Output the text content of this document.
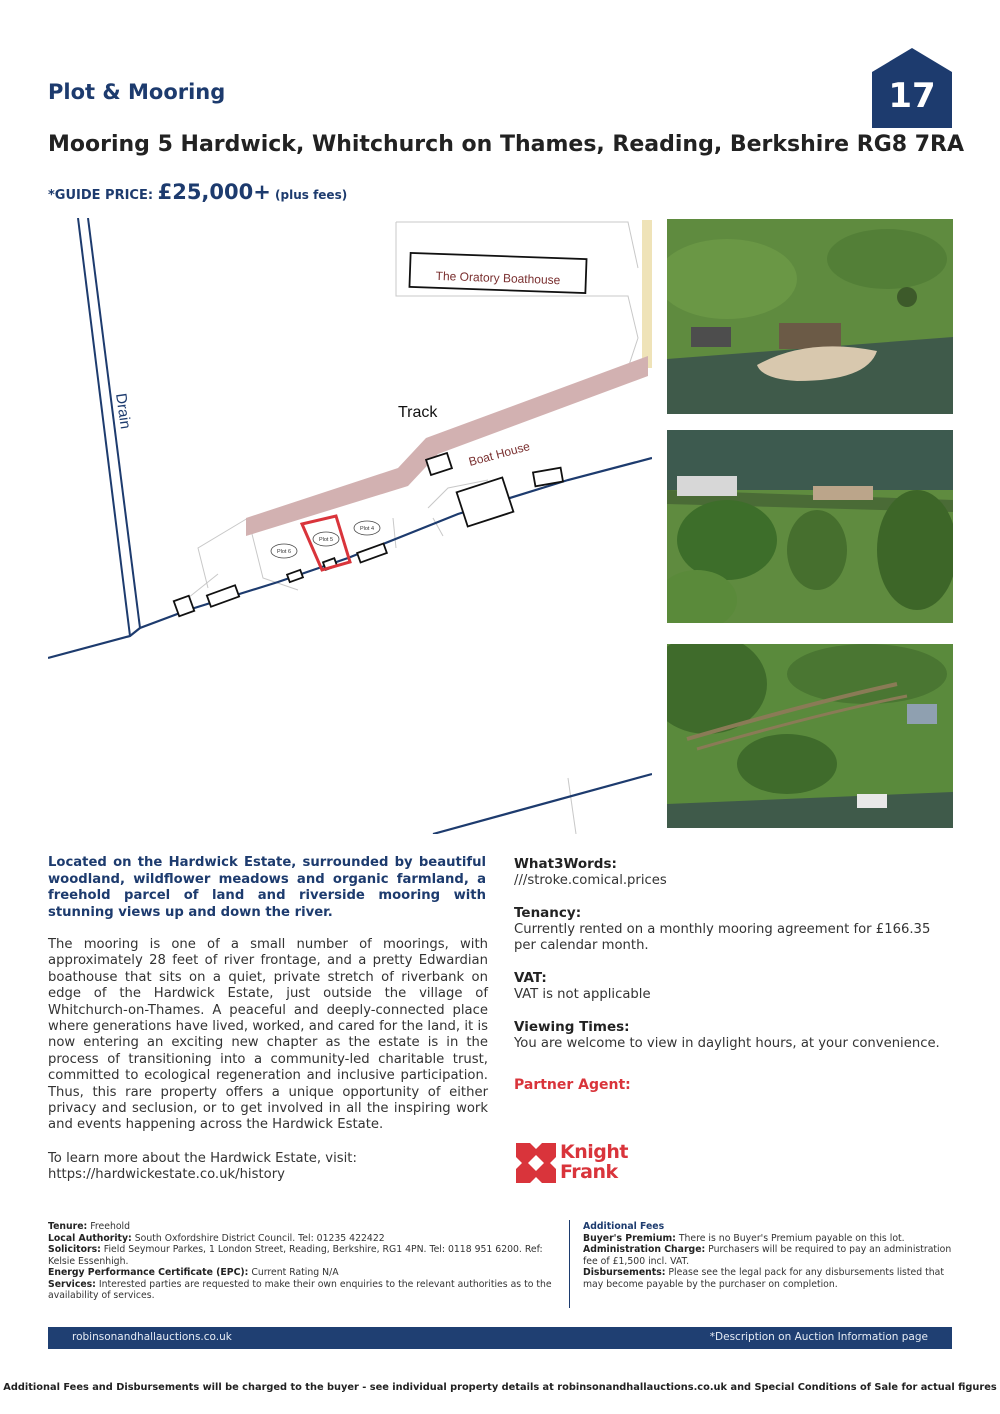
Plot & Mooring	17
Mooring 5 Hardwick, Whitchurch on Thames, Reading, Berkshire RG8 7RA
*GUIDE PRICE: £25,000+ (plus fees)
Plot 6
Plot 5
Plot 4
The Oratory Boathouse
Track
Boat House
Drain
Located on the Hardwick Estate, surrounded by beautiful woodland, wildflower meadows and organic farmland, a freehold parcel of land and riverside mooring with stunning views up and down the river.
The mooring is one of a small number of moorings, with approximately 28 feet of river frontage, and a pretty Edwardian boathouse that sits on a quiet, private stretch of riverbank on edge of the Hardwick Estate, just outside the village of Whitchurch-on-Thames. A peaceful and deeply-connected place where generations have lived, worked, and cared for the land, it is now entering an exciting new chapter as the estate is in the process of transitioning into a community-led charitable trust, committed to ecological regeneration and inclusive participation. Thus, this rare property offers a unique opportunity of either privacy and seclusion, or to get involved in all the inspiring work and events happening across the Hardwick Estate.
To learn more about the Hardwick Estate, visit: https://hardwickestate.co.uk/history
What3Words:
///stroke.comical.prices
Tenancy:
Currently rented on a monthly mooring agreement for £166.35 per calendar month.
VAT:
VAT is not applicable
Viewing Times:
You are welcome to view in daylight hours, at your convenience.
Partner Agent:
Knight
Frank
Tenure: Freehold
Local Authority: South Oxfordshire District Council. Tel: 01235 422422
Solicitors: Field Seymour Parkes, 1 London Street, Reading, Berkshire, RG1 4PN. Tel: 0118 951 6200. Ref: Kelsie Essenhigh.
Energy Performance Certificate (EPC): Current Rating N/A
Services: Interested parties are requested to make their own enquiries to the relevant authorities as to the availability of services.
Additional Fees
Buyer's Premium: There is no Buyer's Premium payable on this lot.
Administration Charge: Purchasers will be required to pay an administration fee of £1,500 incl. VAT.
Disbursements: Please see the legal pack for any disbursements listed that may become payable by the purchaser on completion.
robinsonandhallauctions.co.uk	*Description on Auction Information page
Additional Fees and Disbursements will be charged to the buyer - see individual property details at robinsonandhallauctions.co.uk and Special Conditions of Sale for actual figures
